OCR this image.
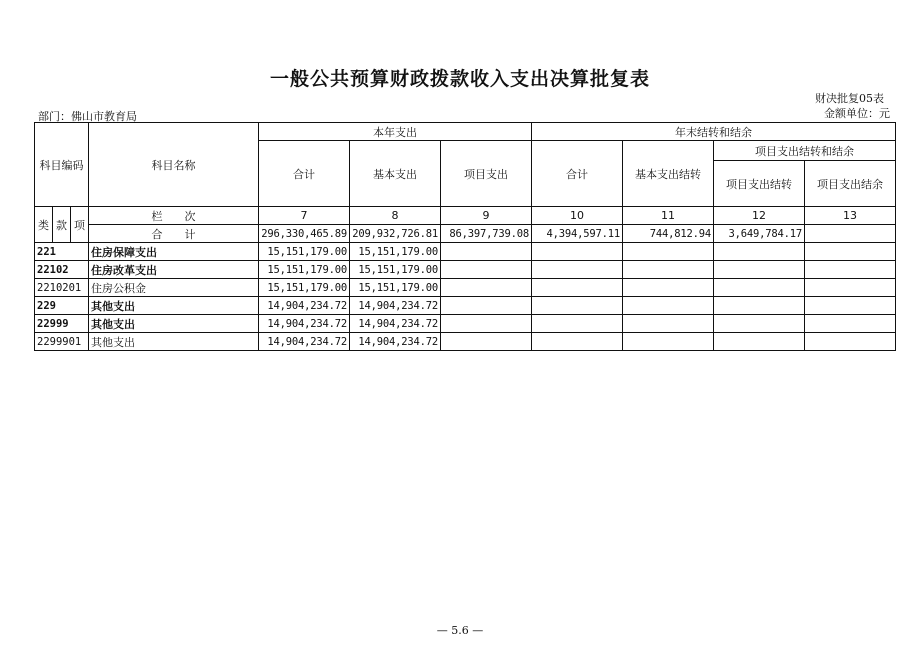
一般公共预算财政拨款收入支出决算批复表
财决批复05表
金额单位：元
部门：佛山市教育局
科目编码			科目名称	本年支出			年末结转和结余			
				合计	基本支出	项目支出	合计	基本支出结转	项目支出结转和结余	
									项目支出结转	项目支出结余
类	款	项	栏　　次	7	8	9	10	11	12	13
			合　　计	296,330,465.89	209,932,726.81	86,397,739.08	4,394,597.11	744,812.94	3,649,784.17	
221			住房保障支出	15,151,179.00	15,151,179.00					
22102			住房改革支出	15,151,179.00	15,151,179.00					
2210201			住房公积金	15,151,179.00	15,151,179.00					
229			其他支出	14,904,234.72	14,904,234.72					
22999			其他支出	14,904,234.72	14,904,234.72					
2299901			其他支出	14,904,234.72	14,904,234.72					
— 5.6 —
